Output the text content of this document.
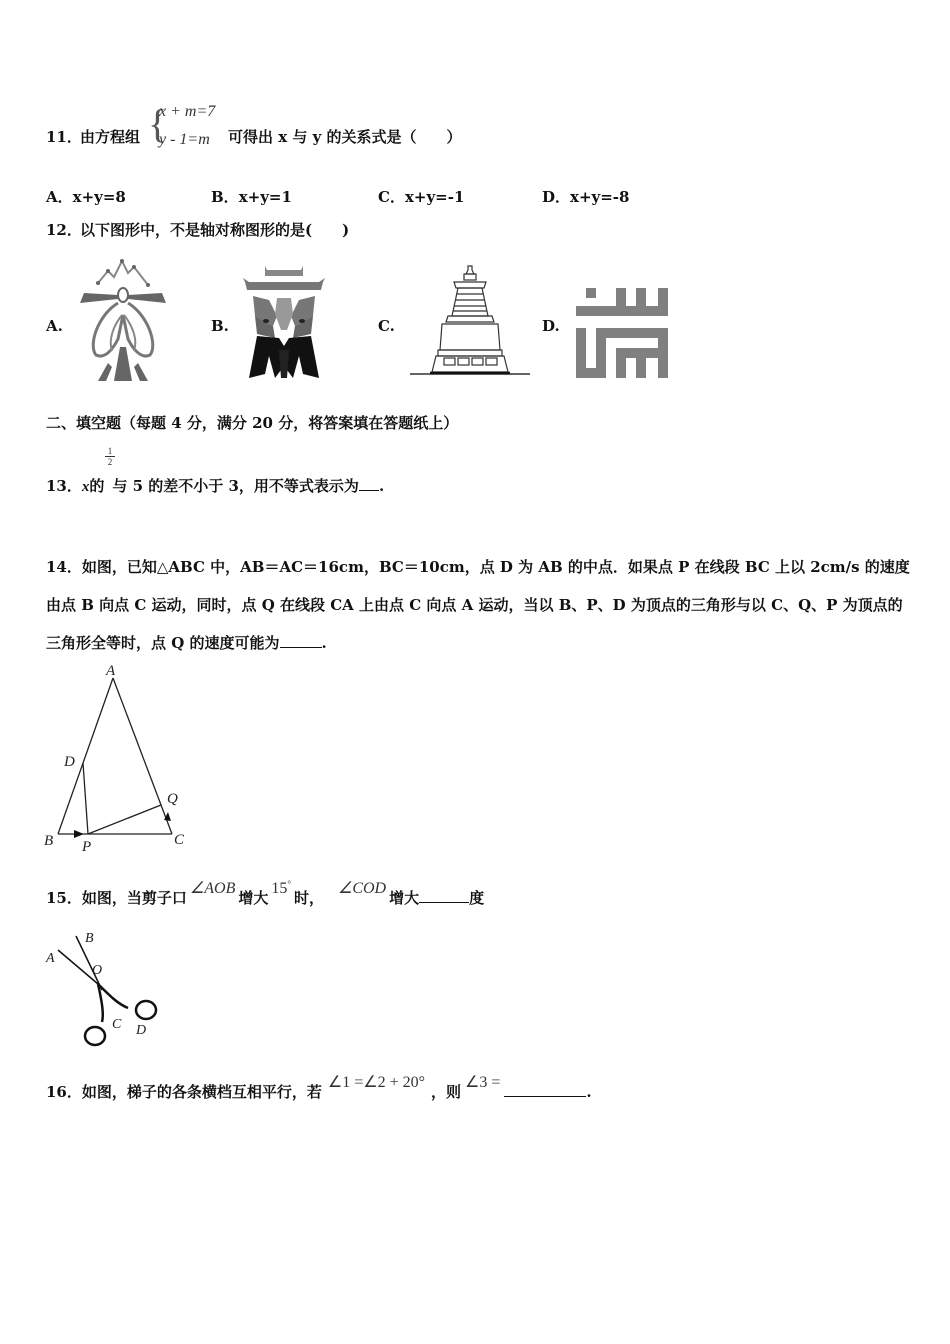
11．
由方程组 {
x + m=7
y - 1=m 可得出 x 与 y 的关系式是（　　）
A．x+y=8	B．x+y=1	C．x+y=-1	D．x+y=-8
12．
以下图形中，不是轴对称图形的是(　　)
A.	B.	C.	D.
二、填空题（每题 4 分，满分 20 分，将答案填在答题纸上）
$\frac{1}{2}$
13．x的 与 5 的差不小于 3，用不等式表示为 .
14．如图，已知△ABC 中，AB＝AC＝16cm，BC＝10cm，点 D 为 AB 的中点．如果点 P 在线段 BC 上以 2cm/s 的速度
由点 B 向点 C 运动，同时，点 Q 在线段 CA 上由点 C 向点 A 运动，当以 B、P、D 为顶点的三角形与以 C、Q、P 为顶点的
三角形全等时，点 Q 的速度可能为	.
A
D
Q
B P	C
15．如图，当剪子口∠AOB增大15°时，∠COD增大	度
B
A
O
C D
16．如图，梯子的各条横档互相平行，若∠1 =∠2 + 20°，则∠3 =.
